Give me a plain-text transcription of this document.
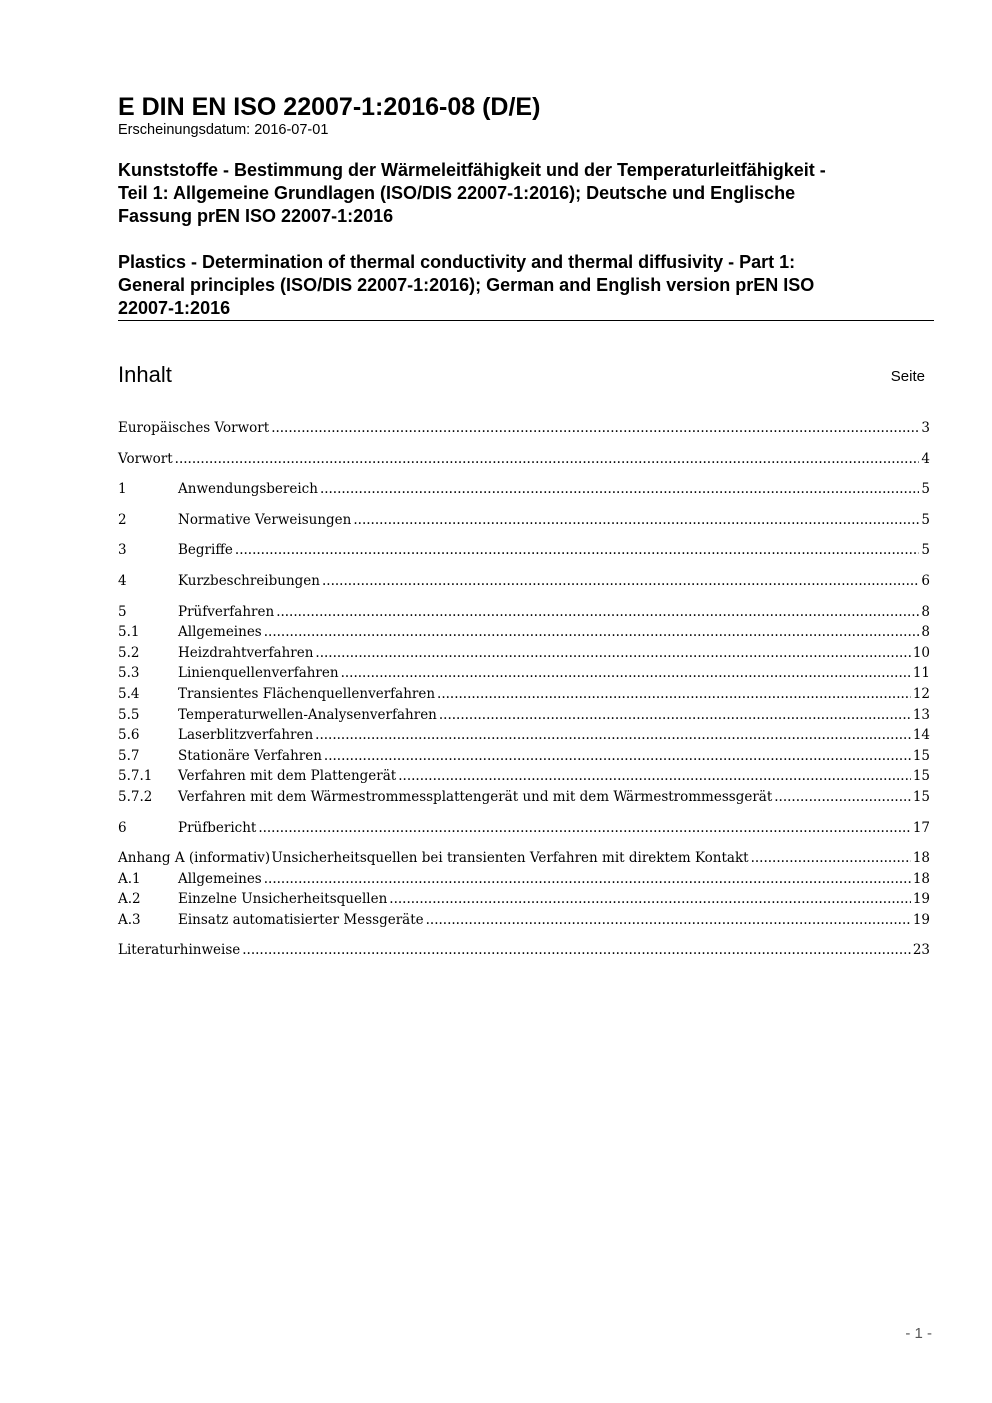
E DIN EN ISO 22007-1:2016-08 (D/E)
Erscheinungsdatum: 2016-07-01
Kunststoffe - Bestimmung der Wärmeleitfähigkeit und der Temperaturleitfähigkeit -
Teil 1: Allgemeine Grundlagen (ISO/DIS 22007-1:2016); Deutsche und Englische
Fassung prEN ISO 22007-1:2016
Plastics - Determination of thermal conductivity and thermal diffusivity - Part 1:
General principles (ISO/DIS 22007-1:2016); German and English version prEN ISO
22007-1:2016
Inhalt	Seite
Europäisches Vorwort .....	3
Vorwort .....	4
1	Anwendungsbereich .....	5
2	Normative Verweisungen .....	5
3	Begriffe .....	5
4	Kurzbeschreibungen .....	6
5	Prüfverfahren .....	8
5.1	Allgemeines .....	8
5.2	Heizdrahtverfahren .....	10
5.3	Linienquellenverfahren .....	11
5.4	Transientes Flächenquellenverfahren .....	12
5.5	Temperaturwellen-Analysenverfahren .....	13
5.6	Laserblitzverfahren .....	14
5.7	Stationäre Verfahren .....	15
5.7.1	Verfahren mit dem Plattengerät .....	15
5.7.2	Verfahren mit dem Wärmestrommessplattengerät und mit dem Wärmestrommessgerät .....	15
6	Prüfbericht .....	17
Anhang A (informativ) Unsicherheitsquellen bei transienten Verfahren mit direktem Kontakt .....	18
A.1	Allgemeines .....	18
A.2	Einzelne Unsicherheitsquellen .....	19
A.3	Einsatz automatisierter Messgeräte .....	19
Literaturhinweise .....	23
- 1 -
